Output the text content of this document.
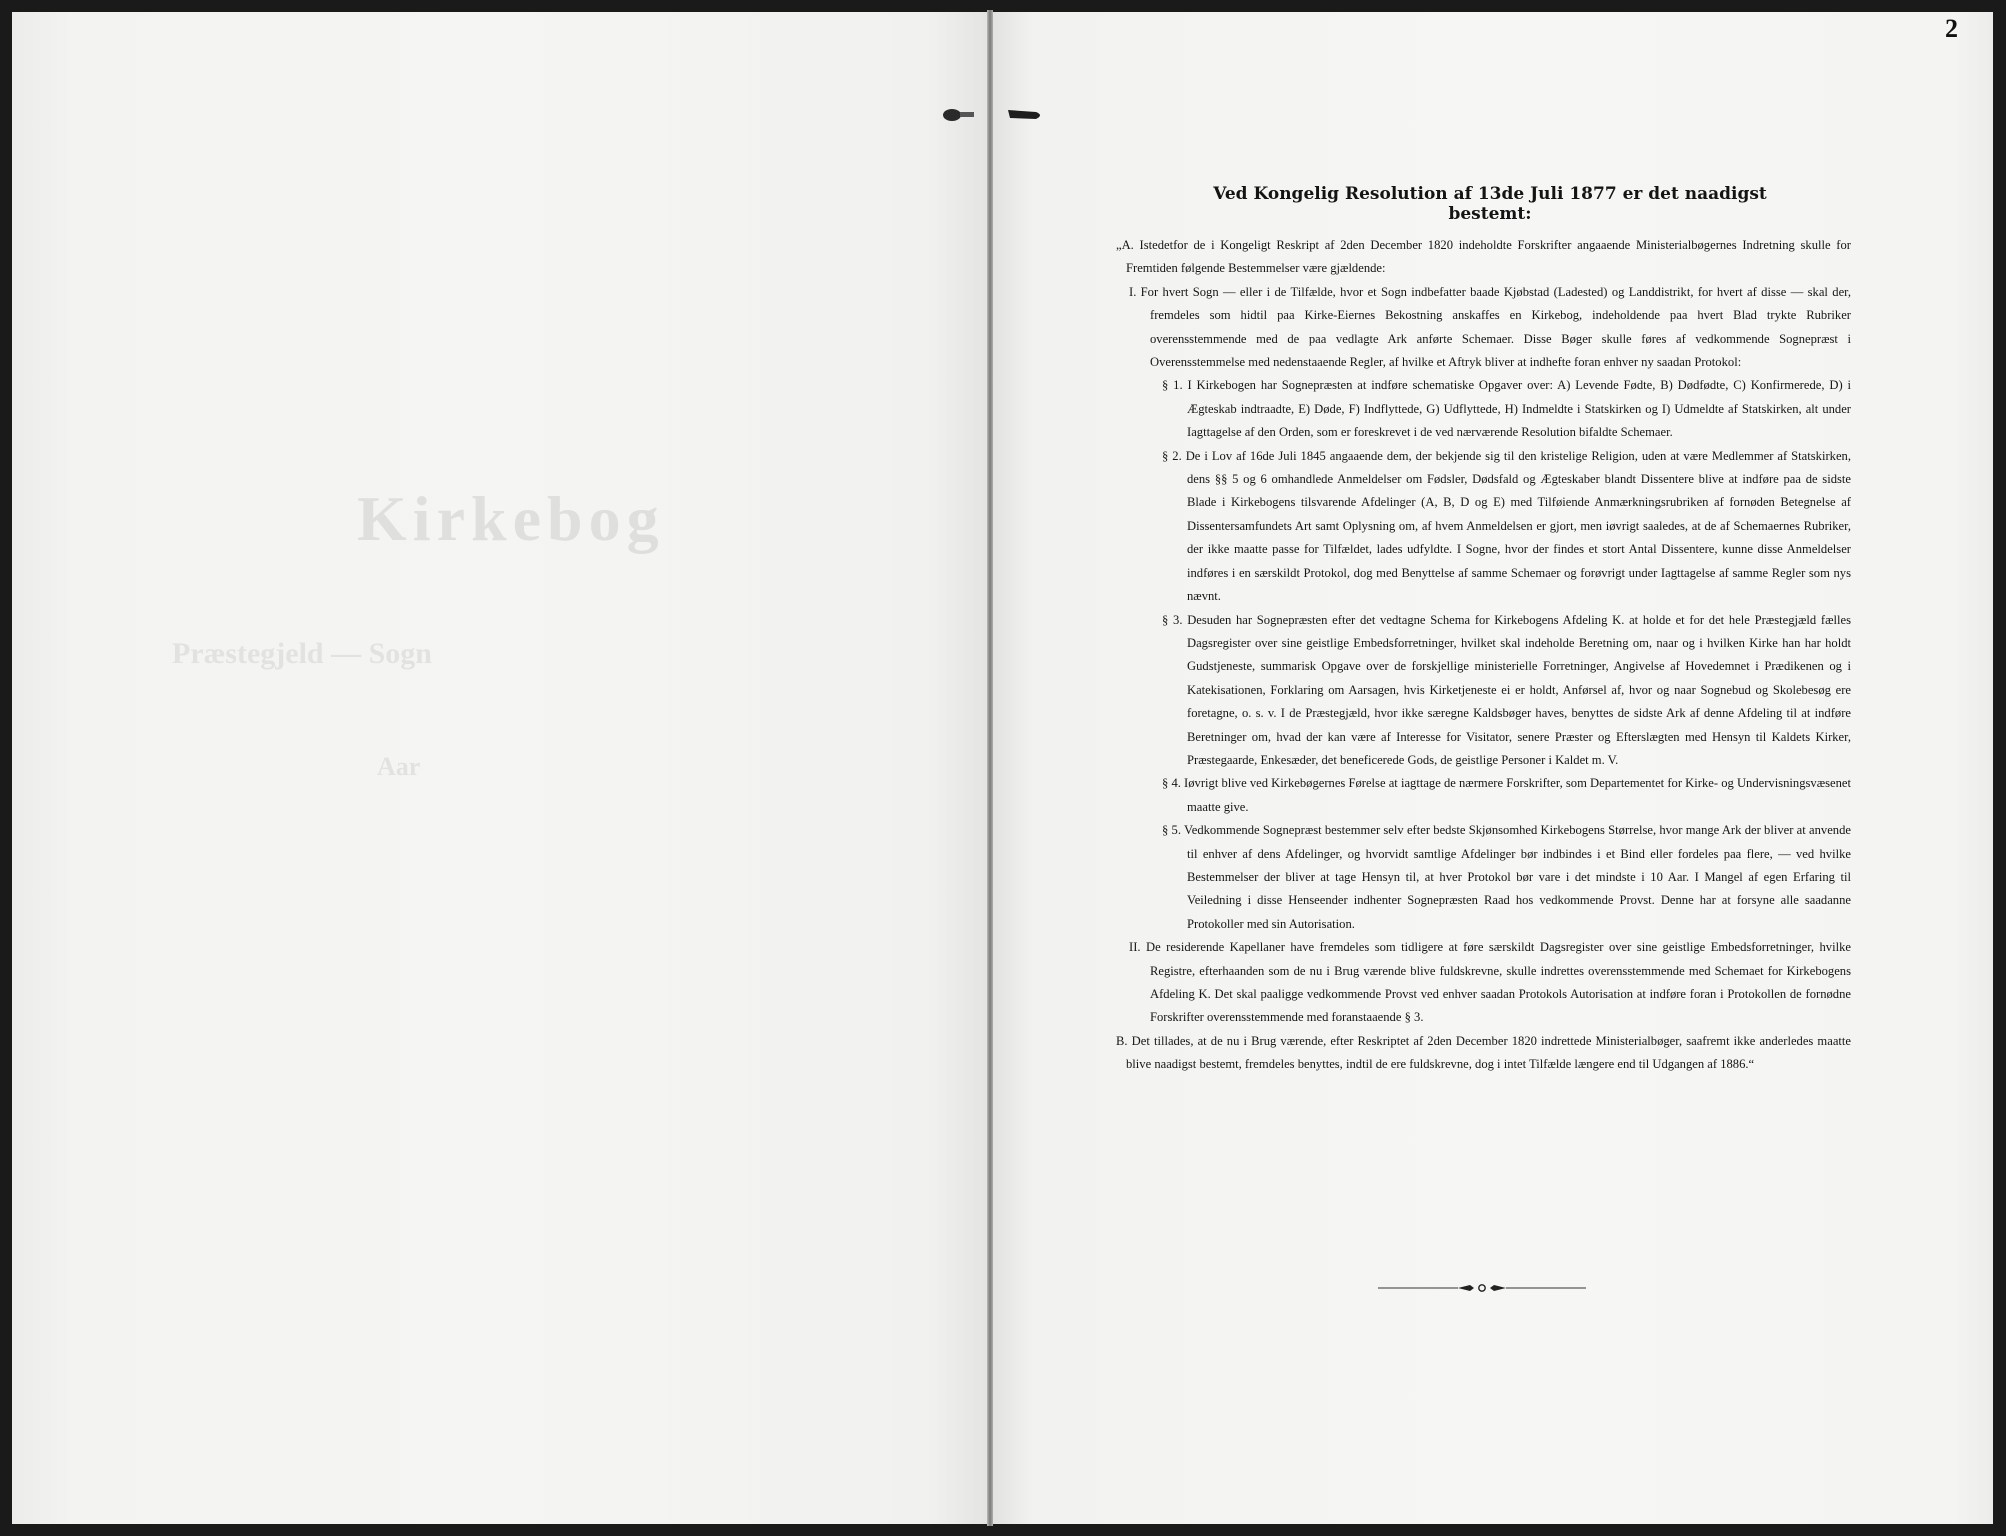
Kirkebog
Præstegjeld — Sogn
Aar
2
Ved Kongelig Resolution af 13de Juli 1877 er det naadigst bestemt:

„A. Istedetfor de i Kongeligt Reskript af 2den December 1820 indeholdte Forskrifter angaaende Ministerialbøgernes Indretning skulle for Fremtiden følgende Bestemmelser være gjældende:

I. For hvert Sogn — eller i de Tilfælde, hvor et Sogn indbefatter baade Kjøbstad (Ladested) og Landdistrikt, for hvert af disse — skal der, fremdeles som hidtil paa Kirke-Eiernes Bekostning anskaffes en Kirkebog, indeholdende paa hvert Blad trykte Rubriker overensstemmende med de paa vedlagte Ark anførte Schemaer. Disse Bøger skulle føres af vedkommende Sognepræst i Overensstemmelse med nedenstaaende Regler, af hvilke et Aftryk bliver at indhefte foran enhver ny saadan Protokol:

§ 1. I Kirkebogen har Sognepræsten at indføre schematiske Opgaver over: A) Levende Fødte, B) Dødfødte, C) Konfirmerede, D) i Ægteskab indtraadte, E) Døde, F) Indflyttede, G) Udflyttede, H) Indmeldte i Statskirken og I) Udmeldte af Statskirken, alt under Iagttagelse af den Orden, som er foreskrevet i de ved nærværende Resolution bifaldte Schemaer.

§ 2. De i Lov af 16de Juli 1845 angaaende dem, der bekjende sig til den kristelige Religion, uden at være Medlemmer af Statskirken, dens §§ 5 og 6 omhandlede Anmeldelser om Fødsler, Dødsfald og Ægteskaber blandt Dissentere blive at indføre paa de sidste Blade i Kirkebogens tilsvarende Afdelinger (A, B, D og E) med Tilføiende Anmærkningsrubriken af fornøden Betegnelse af Dissentersamfundets Art samt Oplysning om, af hvem Anmeldelsen er gjort, men iøvrigt saaledes, at de af Schemaernes Rubriker, der ikke maatte passe for Tilfældet, lades udfyldte. I Sogne, hvor der findes et stort Antal Dissentere, kunne disse Anmeldelser indføres i en særskildt Protokol, dog med Benyttelse af samme Schemaer og forøvrigt under Iagttagelse af samme Regler som nys nævnt.

§ 3. Desuden har Sognepræsten efter det vedtagne Schema for Kirkebogens Afdeling K. at holde et for det hele Præstegjæld fælles Dagsregister over sine geistlige Embedsforretninger, hvilket skal indeholde Beretning om, naar og i hvilken Kirke han har holdt Gudstjeneste, summarisk Opgave over de forskjellige ministerielle Forretninger, Angivelse af Hovedemnet i Prædikenen og i Katekisationen, Forklaring om Aarsagen, hvis Kirketjeneste ei er holdt, Anførsel af, hvor og naar Sognebud og Skolebesøg ere foretagne, o. s. v. I de Præstegjæld, hvor ikke særegne Kaldsbøger haves, benyttes de sidste Ark af denne Afdeling til at indføre Beretninger om, hvad der kan være af Interesse for Visitator, senere Præster og Efterslægten med Hensyn til Kaldets Kirker, Præstegaarde, Enkesæder, det beneficerede Gods, de geistlige Personer i Kaldet m. V.

§ 4. Iøvrigt blive ved Kirkebøgernes Førelse at iagttage de nærmere Forskrifter, som Departementet for Kirke- og Undervisningsvæsenet maatte give.

§ 5. Vedkommende Sognepræst bestemmer selv efter bedste Skjønsomhed Kirkebogens Størrelse, hvor mange Ark der bliver at anvende til enhver af dens Afdelinger, og hvorvidt samtlige Afdelinger bør indbindes i et Bind eller fordeles paa flere, — ved hvilke Bestemmelser der bliver at tage Hensyn til, at hver Protokol bør vare i det mindste i 10 Aar. I Mangel af egen Erfaring til Veiledning i disse Henseender indhenter Sognepræsten Raad hos vedkommende Provst. Denne har at forsyne alle saadanne Protokoller med sin Autorisation.

II. De residerende Kapellaner have fremdeles som tidligere at føre særskildt Dagsregister over sine geistlige Embedsforretninger, hvilke Registre, efterhaanden som de nu i Brug værende blive fuldskrevne, skulle indrettes overensstemmende med Schemaet for Kirkebogens Afdeling K. Det skal paaligge vedkommende Provst ved enhver saadan Protokols Autorisation at indføre foran i Protokollen de fornødne Forskrifter overensstemmende med foranstaaende § 3.

B. Det tillades, at de nu i Brug værende, efter Reskriptet af 2den December 1820 indrettede Ministerialbøger, saafremt ikke anderledes maatte blive naadigst bestemt, fremdeles benyttes, indtil de ere fuldskrevne, dog i intet Tilfælde længere end til Udgangen af 1886.“
